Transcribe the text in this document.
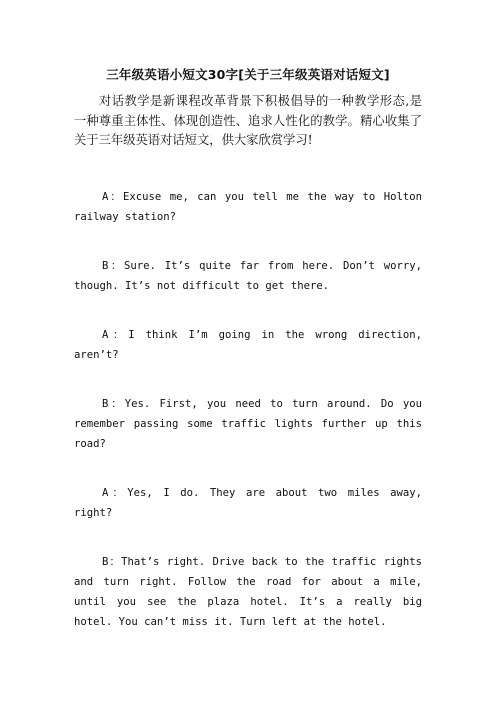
三年级英语小短文30字[关于三年级英语对话短文]

对话教学是新课程改革背景下积极倡导的一种教学形态,是一种尊重主体性、体现创造性、追求人性化的教学。精心收集了关于三年级英语对话短文，供大家欣赏学习!

A：Excuse me, can you tell me the way to Holton railway station?

B：Sure. It’s quite far from here. Don’t worry, though. It’s not difficult to get there.

A：I think I’m going in the wrong direction, aren’t?

B：Yes. First, you need to turn around. Do you remember passing some traffic lights further up this road?

A：Yes, I do. They are about two miles away, right?

B：That’s right. Drive back to the traffic rights and turn right. Follow the road for about a mile, until you see the plaza hotel. It’s a really big hotel. You can’t miss it. Turn left at the hotel.
